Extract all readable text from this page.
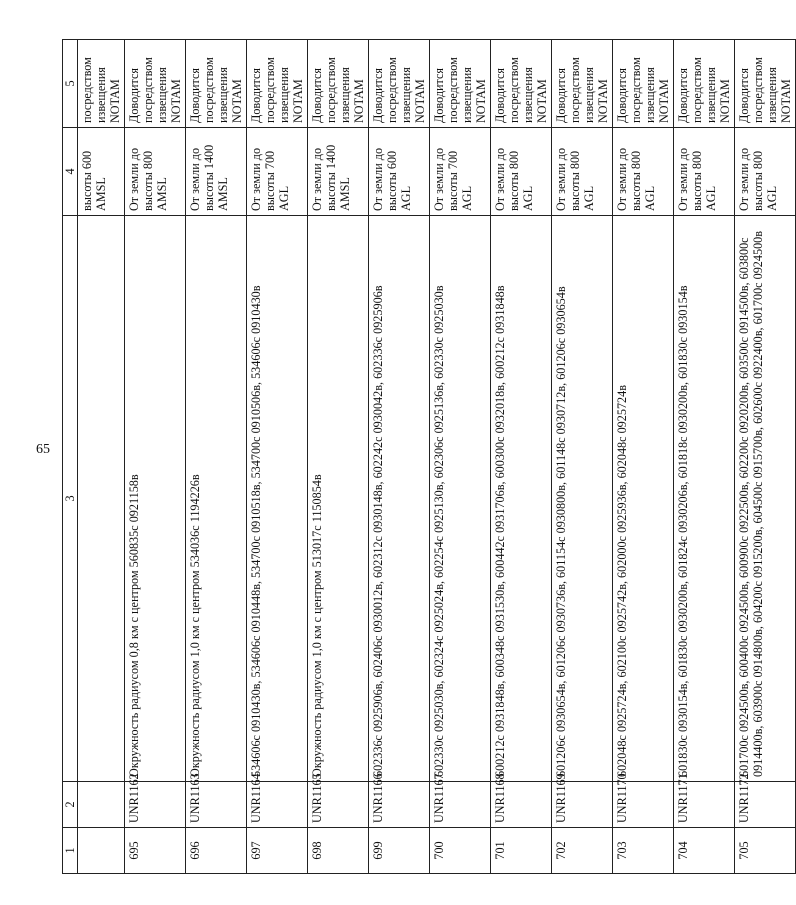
65
1	2	3	4	5
			высоты 600 AMSL	посредством извещения NOTAM
695	UNR1162	Окружность радиусом 0,8 км с центром 560835с 0921158в	От земли до высоты 800 AMSL	Доводится посредством извещения NOTAM
696	UNR1163	Окружность радиусом 1,0 км с центром 534036с 1194226в	От земли до высоты 1400 AMSL	Доводится посредством извещения NOTAM
697	UNR1164	534606с 0910430в, 534606с 0910448в, 534700с 0910518в, 534700с 0910506в, 534606с 0910430в	От земли до высоты 700 AGL	Доводится посредством извещения NOTAM
698	UNR1165	Окружность радиусом 1,0 км с центром 513017с 1150854в	От земли до высоты 1400 AMSL	Доводится посредством извещения NOTAM
699	UNR1166	602336с 0925906в, 602406с 0930012в, 602312с 0930148в, 602242с 0930042в, 602336с 0925906в	От земли до высоты 600 AGL	Доводится посредством извещения NOTAM
700	UNR1167	602330с 0925030в, 602324с 0925024в, 602254с 0925130в, 602306с 0925136в, 602330с 0925030в	От земли до высоты 700 AGL	Доводится посредством извещения NOTAM
701	UNR1168	600212с 0931848в, 600348с 0931530в, 600442с 0931706в, 600300с 0932018в, 600212с 0931848в	От земли до высоты 800 AGL	Доводится посредством извещения NOTAM
702	UNR1169	601206с 0930654в, 601206с 0930736в, 601154с 0930800в, 601148с 0930712в, 601206с 0930654в	От земли до высоты 800 AGL	Доводится посредством извещения NOTAM
703	UNR1170	602048с 0925724в, 602100с 0925742в, 602000с 0925936в, 602048с 0925724в	От земли до высоты 800 AGL	Доводится посредством извещения NOTAM
704	UNR1171	601830с 0930154в, 601830с 0930200в, 601824с 0930206в, 601818с 0930200в, 601830с 0930154в	От земли до высоты 800 AGL	Доводится посредством извещения NOTAM
705	UNR1172	601700с 0924500в, 600400с 0924500в, 600900с 0922500в, 602200с 0920200в, 603500с 0914500в, 603800с 0914400в, 603900с 0914800в, 604200с 0915200в, 604500с 0915700в, 602600с 0922400в, 601700с 0924500в	От земли до высоты 800 AGL	Доводится посредством извещения NOTAM
